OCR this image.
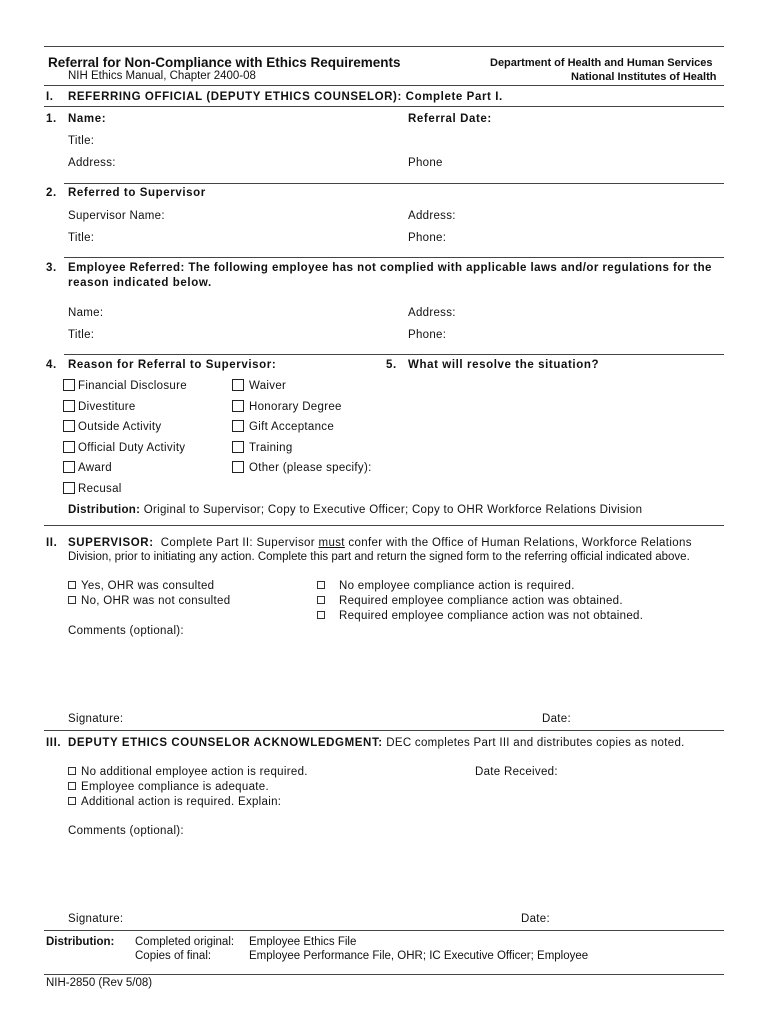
Referral for Non-Compliance with Ethics Requirements
NIH Ethics Manual, Chapter 2400-08
Department of Health and Human Services
National Institutes of Health
I. REFERRING OFFICIAL (DEPUTY ETHICS COUNSELOR): Complete Part I.
1. Name:	Referral Date:
Title:
Address:	Phone
2. Referred to Supervisor
Supervisor Name:	Address:
Title:	Phone:
3. Employee Referred: The following employee has not complied with applicable laws and/or regulations for the
reason indicated below.
Name:	Address:
Title:	Phone:
4. Reason for Referral to Supervisor:	5. What will resolve the situation?
Financial Disclosure
Divestiture
Outside Activity
Official Duty Activity
Award
Recusal
Waiver
Honorary Degree
Gift Acceptance
Training
Other (please specify):
Distribution: Original to Supervisor; Copy to Executive Officer; Copy to OHR Workforce Relations Division
II. SUPERVISOR: Complete Part II: Supervisor must confer with the Office of Human Relations, Workforce Relations
Division, prior to initiating any action. Complete this part and return the signed form to the referring official indicated above.
Yes, OHR was consulted
No, OHR was not consulted
No employee compliance action is required.
Required employee compliance action was obtained.
Required employee compliance action was not obtained.
Comments (optional):
Signature:	Date:
III. DEPUTY ETHICS COUNSELOR ACKNOWLEDGMENT: DEC completes Part III and distributes copies as noted.
No additional employee action is required.
Employee compliance is adequate.
Additional action is required. Explain:
Date Received:
Comments (optional):
Signature:	Date:
Distribution: Completed original: Employee Ethics File
Copies of final:	Employee Performance File, OHR; IC Executive Officer; Employee
NIH-2850 (Rev 5/08)
